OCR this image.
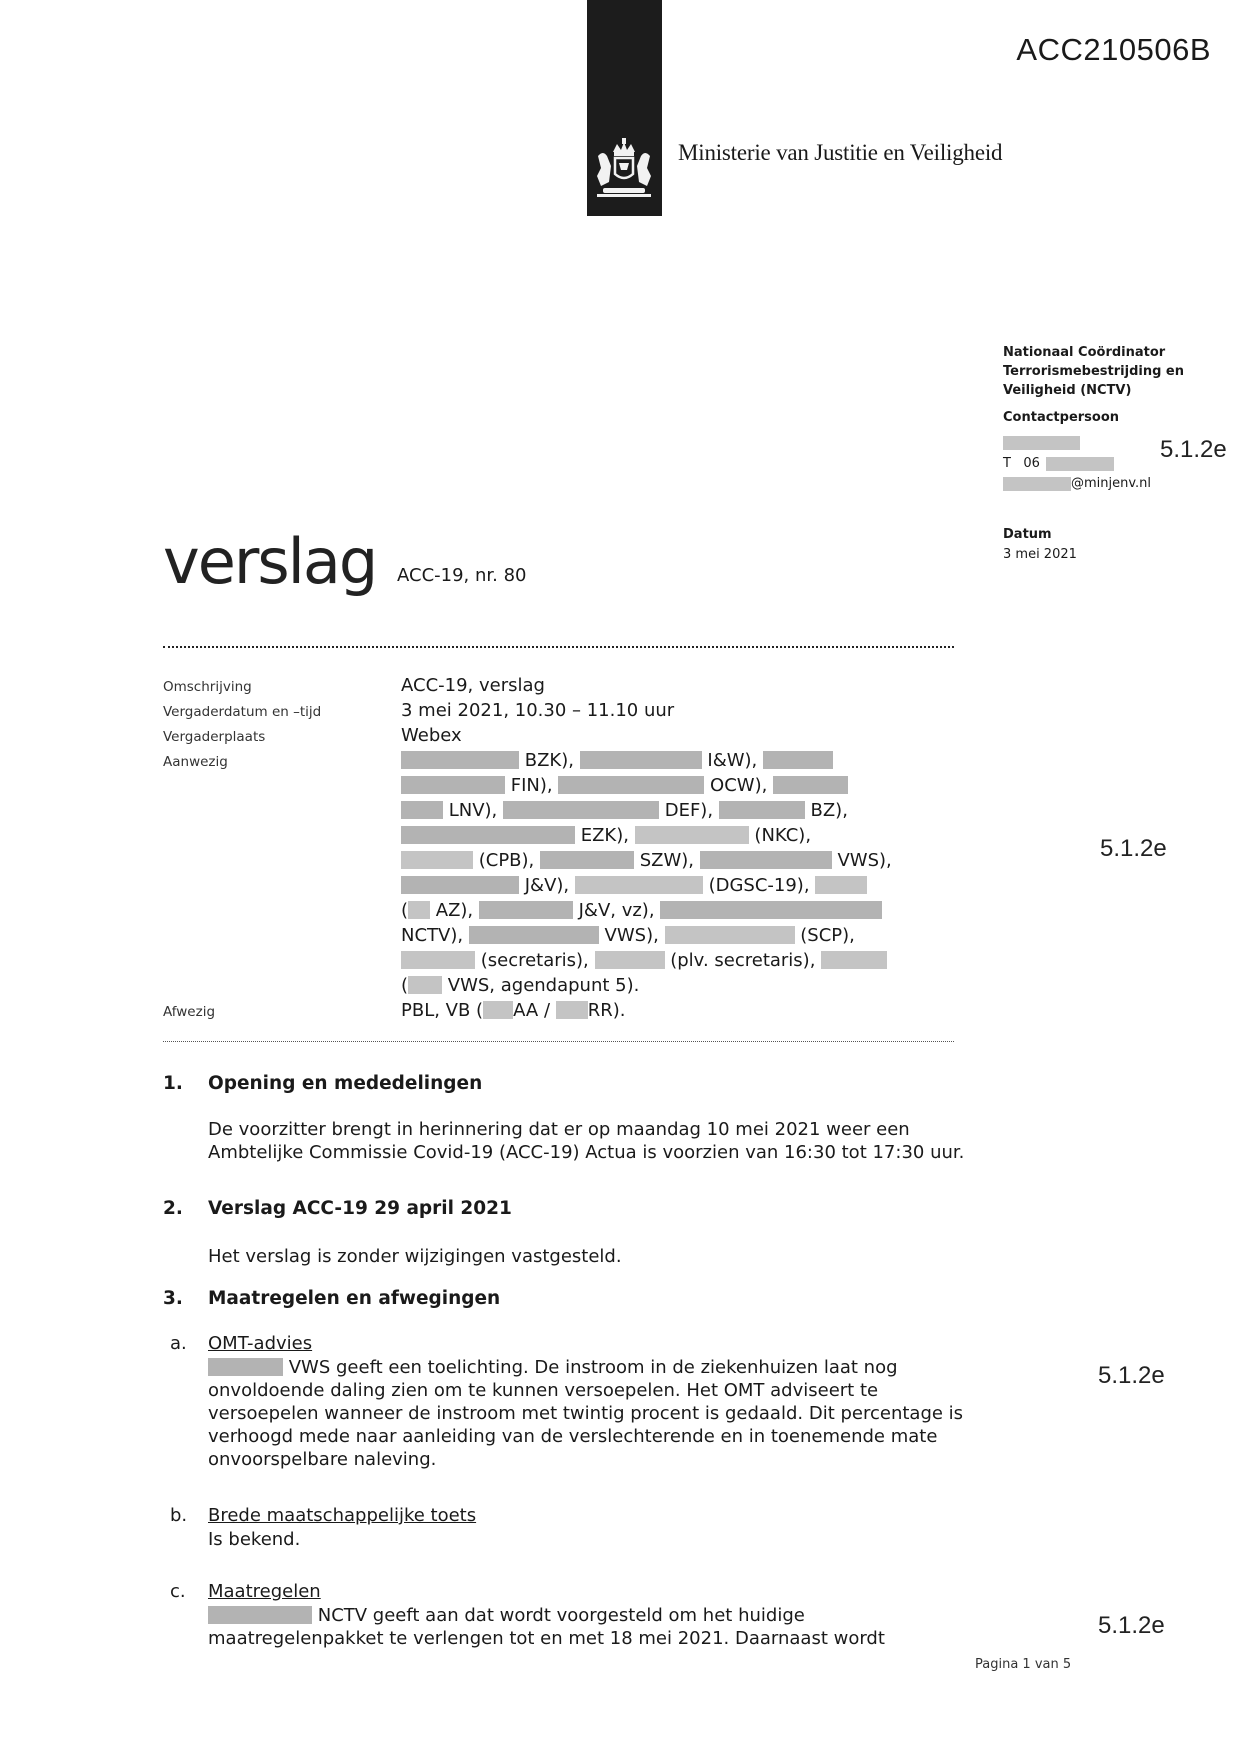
Ministerie van Justitie en Veiligheid
ACC210506B
Nationaal Coördinator
Terrorismebestrijding en
Veiligheid (NCTV)
Contactpersoon
T   06
@minjenv.nl
5.1.2e
Datum
3 mei 2021
verslag ACC-19, nr. 80
Omschrijving	ACC-19, verslag
Vergaderdatum en –tijd	3 mei 2021, 10.30 – 11.10 uur
Vergaderplaats	Webex
Aanwezig	BZK),	I&W),
FIN),	OCW),
LNV),	DEF),	BZ),
EZK),	(NKC),
(CPB),	SZW),	VWS),
J&V),	(DGSC-19),
( AZ),	J&V, vz),
NCTV),	VWS),	(SCP),
(secretaris),	(plv. secretaris),
( VWS, agendapunt 5).
Afwezig	PBL, VB ( AA / RR).
5.1.2e
1. Opening en mededelingen
De voorzitter brengt in herinnering dat er op maandag 10 mei 2021 weer een Ambtelijke Commissie Covid-19 (ACC-19) Actua is voorzien van 16:30 tot 17:30 uur.
2. Verslag ACC-19 29 april 2021
Het verslag is zonder wijzigingen vastgesteld.
3. Maatregelen en afwegingen
a. OMT-advies
VWS geeft een toelichting. De instroom in de ziekenhuizen laat nog onvoldoende daling zien om te kunnen versoepelen. Het OMT adviseert te versoepelen wanneer de instroom met twintig procent is gedaald. Dit percentage is verhoogd mede naar aanleiding van de verslechterende en in toenemende mate onvoorspelbare naleving.
5.1.2e
b. Brede maatschappelijke toets
Is bekend.
c. Maatregelen
NCTV geeft aan dat wordt voorgesteld om het huidige maatregelenpakket te verlengen tot en met 18 mei 2021. Daarnaast wordt	5.1.2e
Pagina 1 van 5
